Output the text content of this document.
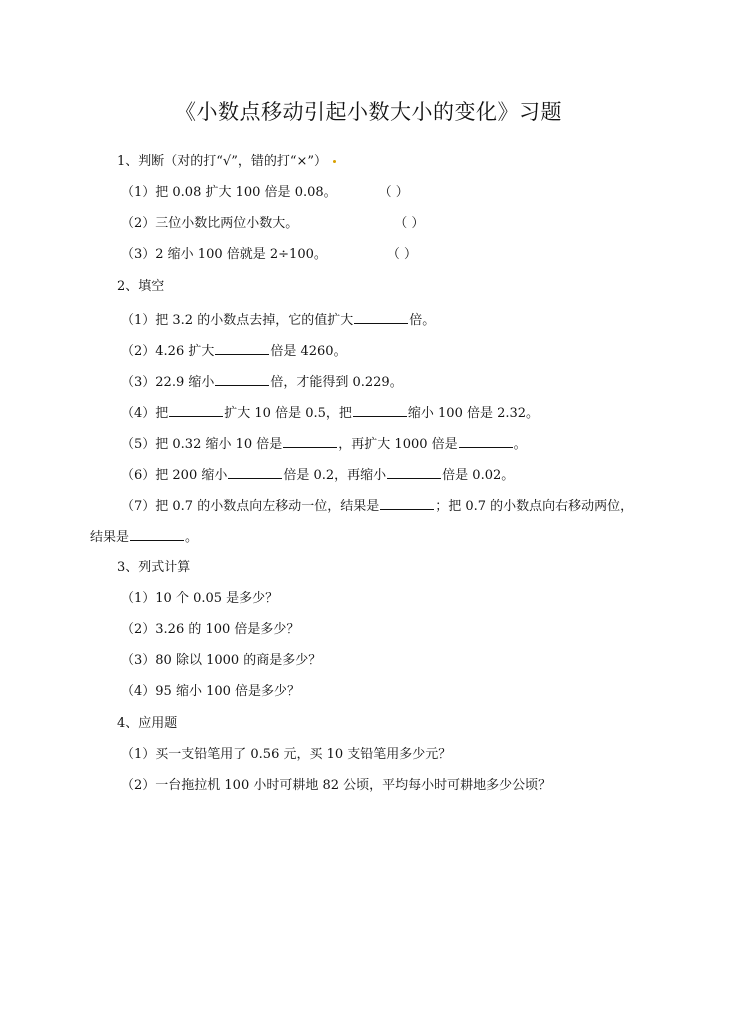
《小数点移动引起小数大小的变化》习题
1、判断（对的打“√”，错的打“×”）
（1）把 0.08 扩大 100 倍是 0.08。	（ ）
（2）三位小数比两位小数大。	（ ）
（3）2 缩小 100 倍就是 2÷100。	（ ）
2、填空
（1）把 3.2 的小数点去掉，它的值扩大	倍。
（2）4.26 扩大	倍是 4260。
（3）22.9 缩小	倍，才能得到 0.229。
（4）把	扩大 10 倍是 0.5，把	缩小 100 倍是 2.32。
（5）把 0.32 缩小 10 倍是	，再扩大 1000 倍是	。
（6）把 200 缩小	倍是 0.2，再缩小	倍是 0.02。
（7）把 0.7 的小数点向左移动一位，结果是	；把 0.7 的小数点向右移动两位，
结果是	。
3、列式计算
（1）10 个 0.05 是多少？
（2）3.26 的 100 倍是多少？
（3）80 除以 1000 的商是多少？
（4）95 缩小 100 倍是多少？
4、应用题
（1）买一支铅笔用了 0.56 元，买 10 支铅笔用多少元？
（2）一台拖拉机 100 小时可耕地 82 公顷，平均每小时可耕地多少公顷？
